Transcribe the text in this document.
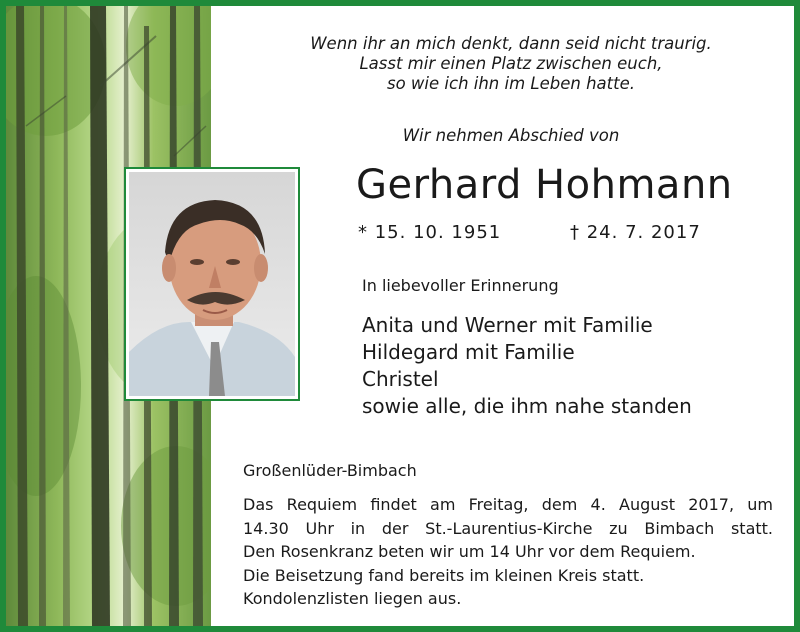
Wenn ihr an mich denkt, dann seid nicht traurig.
Lasst mir einen Platz zwischen euch,
so wie ich ihn im Leben hatte.
Wir nehmen Abschied von
Gerhard Hohmann
* 15. 10. 1951	† 24. 7. 2017
In liebevoller Erinnerung
Anita und Werner mit Familie
Hildegard mit Familie
Christel
sowie alle, die ihm nahe standen
Großenlüder-Bimbach
Das Requiem findet am Freitag, dem 4. August 2017, um
14.30 Uhr in der St.-Laurentius-Kirche zu Bimbach statt.
Den Rosenkranz beten wir um 14 Uhr vor dem Requiem.
Die Beisetzung fand bereits im kleinen Kreis statt.
Kondolenzlisten liegen aus.
